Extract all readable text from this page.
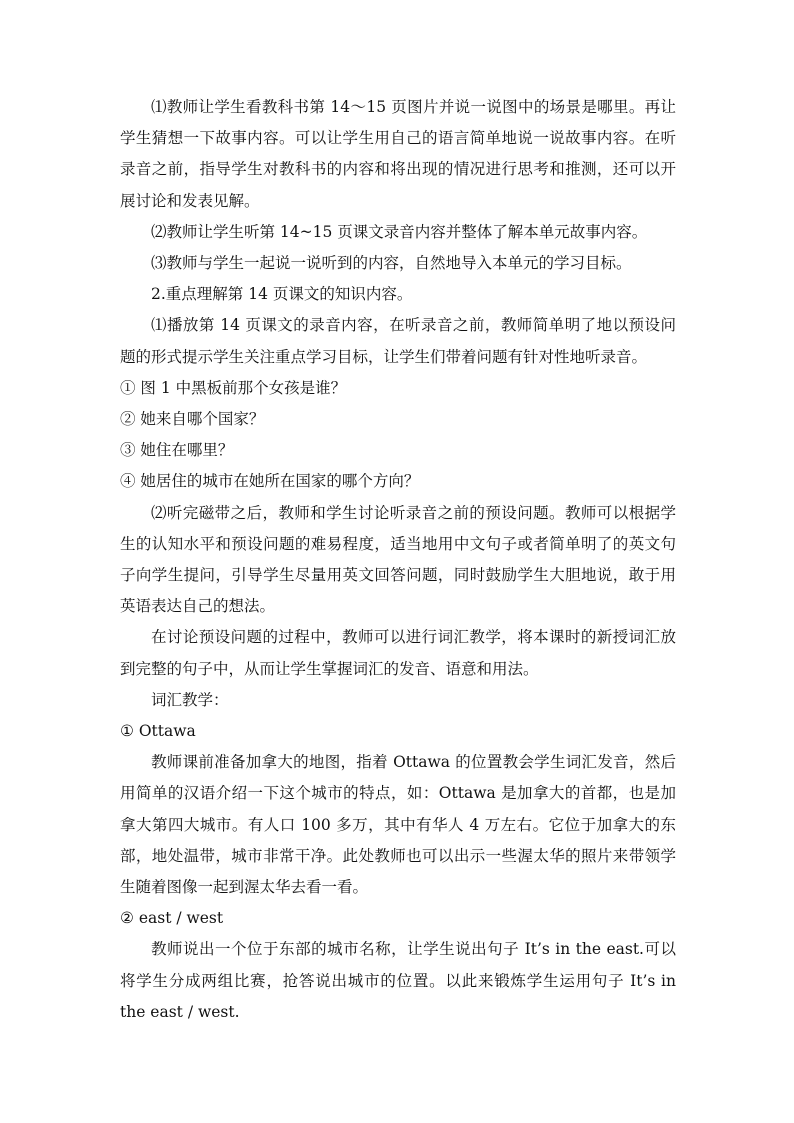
⑴教师让学生看教科书第 14～15 页图片并说一说图中的场景是哪里。再让学生猜想一下故事内容。可以让学生用自己的语言简单地说一说故事内容。在听录音之前，指导学生对教科书的内容和将出现的情况进行思考和推测，还可以开展讨论和发表见解。

⑵教师让学生听第 14~15 页课文录音内容并整体了解本单元故事内容。

⑶教师与学生一起说一说听到的内容，自然地导入本单元的学习目标。

2.重点理解第 14 页课文的知识内容。

⑴播放第 14 页课文的录音内容，在听录音之前，教师简单明了地以预设问题的形式提示学生关注重点学习目标，让学生们带着问题有针对性地听录音。

① 图 1 中黑板前那个女孩是谁？

② 她来自哪个国家？

③ 她住在哪里？

④ 她居住的城市在她所在国家的哪个方向？

⑵听完磁带之后，教师和学生讨论听录音之前的预设问题。教师可以根据学生的认知水平和预设问题的难易程度，适当地用中文句子或者简单明了的英文句子向学生提问，引导学生尽量用英文回答问题，同时鼓励学生大胆地说，敢于用英语表达自己的想法。

在讨论预设问题的过程中，教师可以进行词汇教学，将本课时的新授词汇放到完整的句子中，从而让学生掌握词汇的发音、语意和用法。

词汇教学：

① Ottawa

教师课前准备加拿大的地图，指着 Ottawa 的位置教会学生词汇发音，然后用简单的汉语介绍一下这个城市的特点，如：Ottawa 是加拿大的首都，也是加拿大第四大城市。有人口 100 多万，其中有华人 4 万左右。它位于加拿大的东部，地处温带，城市非常干净。此处教师也可以出示一些渥太华的照片来带领学生随着图像一起到渥太华去看一看。

② east / west

教师说出一个位于东部的城市名称，让学生说出句子 It’s in the east.可以将学生分成两组比赛，抢答说出城市的位置。以此来锻炼学生运用句子 It’s in the east / west.
